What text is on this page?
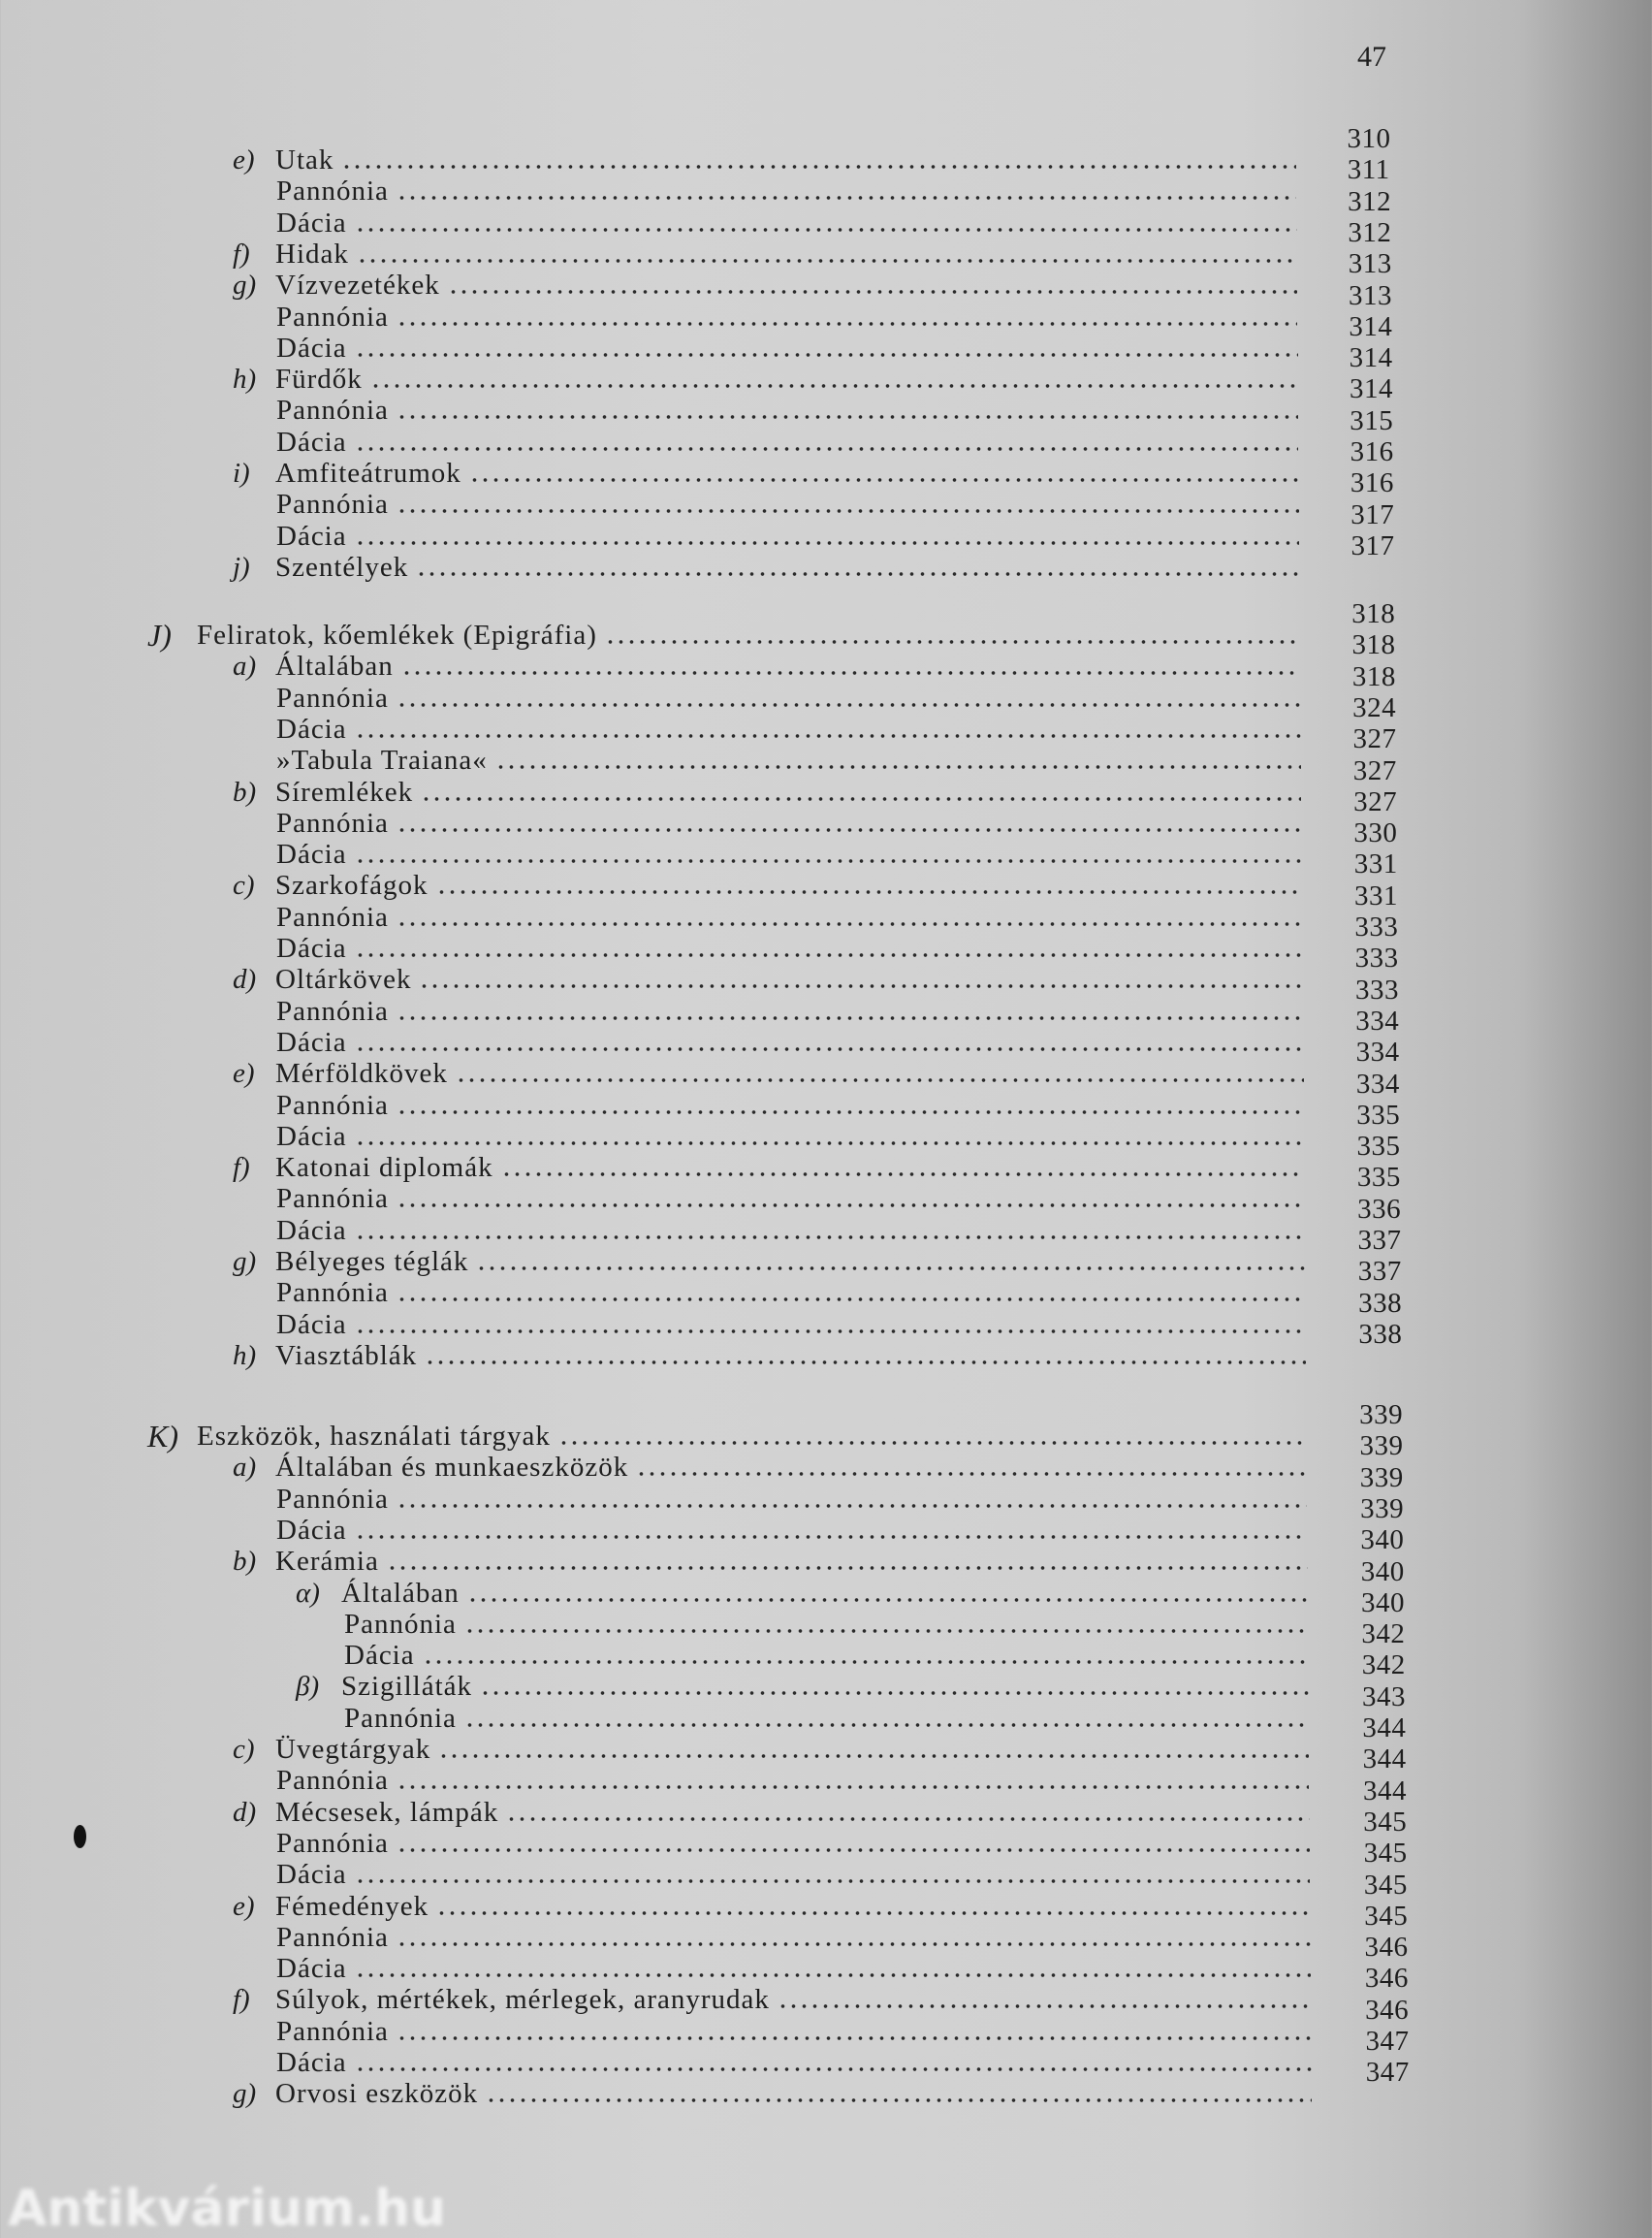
47
e) Utak
310
Pannónia
311
Dácia
312
f) Hidak
312
g) Vízvezetékek
313
Pannónia
313
Dácia
314
h) Fürdők
314
Pannónia
314
Dácia
315
i) Amfiteátrumok
316
Pannónia
316
Dácia
317
j) Szentélyek
317
J) Feliratok, kőemlékek (Epigráfia)
318
a) Általában
318
Pannónia
318
Dácia
324
»Tabula Traiana«
327
b) Síremlékek
327
Pannónia
327
Dácia
330
c) Szarkofágok
331
Pannónia
331
Dácia
333
d) Oltárkövek
333
Pannónia
333
Dácia
334
e) Mérföldkövek
334
Pannónia
334
Dácia
335
f) Katonai diplomák
335
Pannónia
335
Dácia
336
g) Bélyeges téglák
337
Pannónia
337
Dácia
338
h) Viasztáblák
338
K) Eszközök, használati tárgyak
339
a) Általában és munkaeszközök
339
Pannónia
339
Dácia
339
b) Kerámia
340
α) Általában
340
Pannónia
340
Dácia
342
β) Szigilláták
342
Pannónia
343
c) Üvegtárgyak
344
Pannónia
344
d) Mécsesek, lámpák
344
Pannónia
345
Dácia
345
e) Fémedények
345
Pannónia
345
Dácia
346
f) Súlyok, mértékek, mérlegek, aranyrudak
346
Pannónia
346
Dácia
347
g) Orvosi eszközök
347
Antikvárium.hu
